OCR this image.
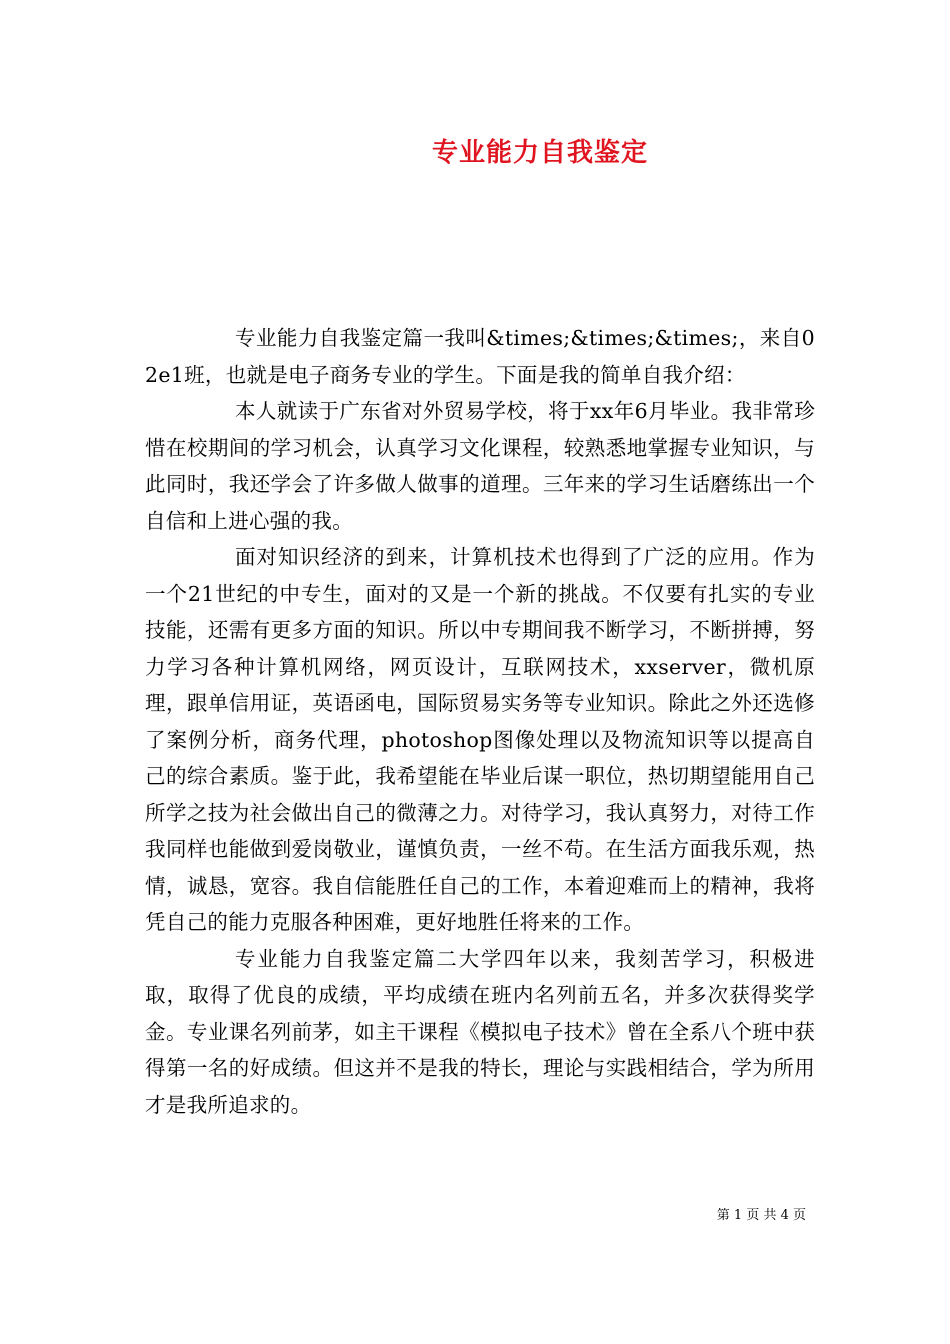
专业能力自我鉴定

专业能力自我鉴定篇一我叫&times;&times;&times;，来自02e1班，也就是电子商务专业的学生。下面是我的简单自我介绍：

本人就读于广东省对外贸易学校，将于xx年6月毕业。我非常珍惜在校期间的学习机会，认真学习文化课程，较熟悉地掌握专业知识，与此同时，我还学会了许多做人做事的道理。三年来的学习生话磨练出一个自信和上进心强的我。

面对知识经济的到来，计算机技术也得到了广泛的应用。作为一个21世纪的中专生，面对的又是一个新的挑战。不仅要有扎实的专业技能，还需有更多方面的知识。所以中专期间我不断学习，不断拼搏，努力学习各种计算机网络，网页设计，互联网技术，xxserver，微机原理，跟单信用证，英语函电，国际贸易实务等专业知识。除此之外还选修了案例分析，商务代理，photoshop图像处理以及物流知识等以提高自己的综合素质。鉴于此，我希望能在毕业后谋一职位，热切期望能用自己所学之技为社会做出自己的微薄之力。对待学习，我认真努力，对待工作我同样也能做到爱岗敬业，谨慎负责，一丝不苟。在生活方面我乐观，热情，诚恳，宽容。我自信能胜任自己的工作，本着迎难而上的精神，我将凭自己的能力克服各种困难，更好地胜任将来的工作。

专业能力自我鉴定篇二大学四年以来，我刻苦学习，积极进取，取得了优良的成绩，平均成绩在班内名列前五名，并多次获得奖学金。专业课名列前茅，如主干课程《模拟电子技术》曾在全系八个班中获得第一名的好成绩。但这并不是我的特长，理论与实践相结合，学为所用才是我所追求的。

第 1 页 共 4 页
